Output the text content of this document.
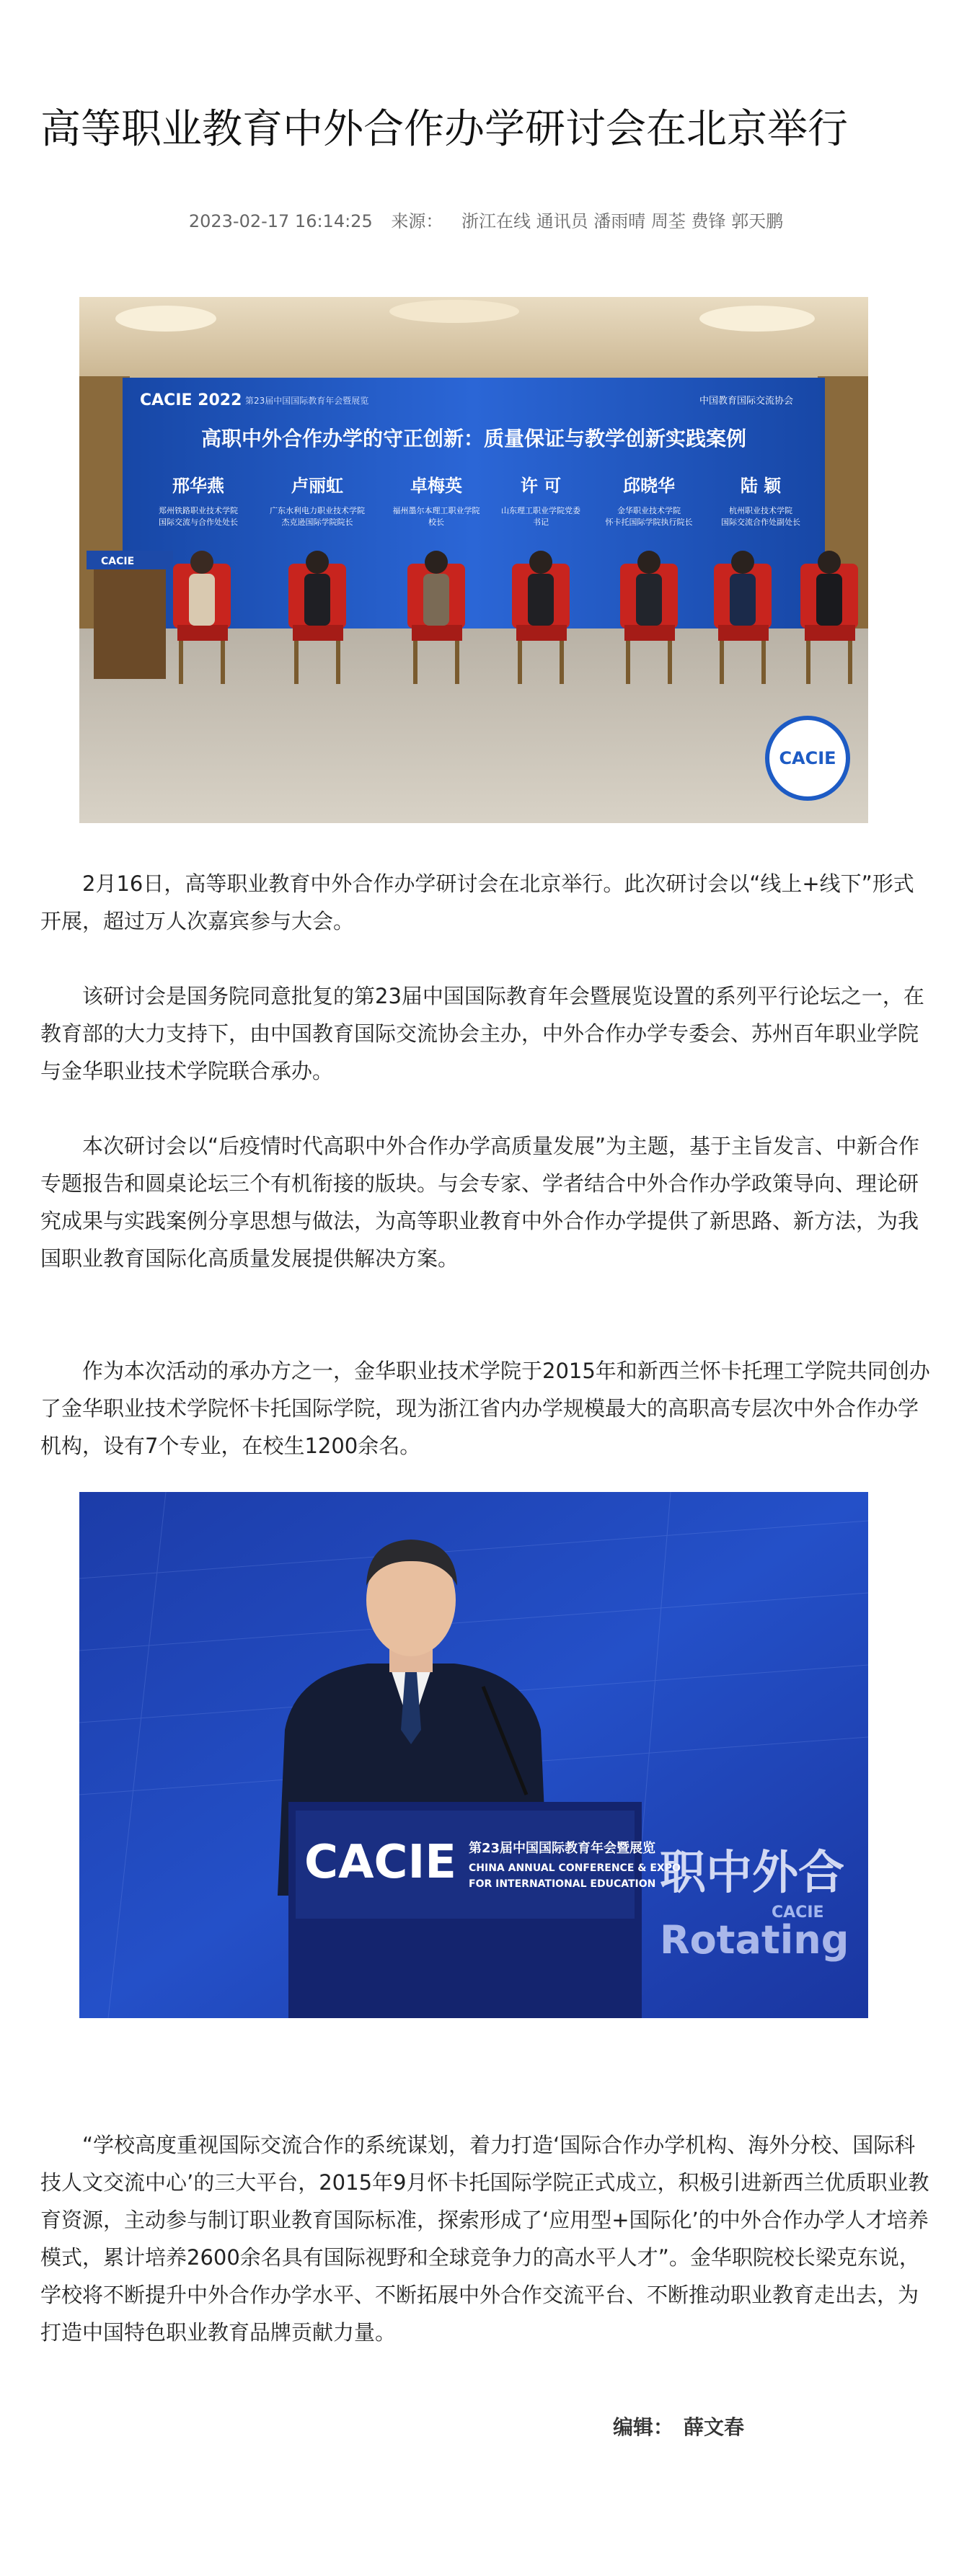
高等职业教育中外合作办学研讨会在北京举行
2023-02-17 16:14:25 来源： 浙江在线 通讯员 潘雨晴 周荃 费锋 郭天鹏
CACIE 2022 第23届中国国际教育年会暨展览	中国教育国际交流协会
高职中外合作办学的守正创新：质量保证与教学创新实践案例
邢华燕
郑州铁路职业技术学院
国际交流与合作处处长
卢丽虹
广东水利电力职业技术学院
杰克逊国际学院院长
卓梅英
福州墨尔本理工职业学院
校长
许 可
山东理工职业学院党委
书记
邱晓华
金华职业技术学院
怀卡托国际学院执行院长
陆 颖
杭州职业技术学院
国际交流合作处副处长
CACIE
CACIE

2月16日，高等职业教育中外合作办学研讨会在北京举行。此次研讨会以“线上+线下”形式开展，超过万人次嘉宾参与大会。

该研讨会是国务院同意批复的第23届中国国际教育年会暨展览设置的系列平行论坛之一，在教育部的大力支持下，由中国教育国际交流协会主办，中外合作办学专委会、苏州百年职业学院与金华职业技术学院联合承办。

本次研讨会以“后疫情时代高职中外合作办学高质量发展”为主题，基于主旨发言、中新合作专题报告和圆桌论坛三个有机衔接的版块。与会专家、学者结合中外合作办学政策导向、理论研究成果与实践案例分享思想与做法，为高等职业教育中外合作办学提供了新思路、新方法，为我国职业教育国际化高质量发展提供解决方案。

作为本次活动的承办方之一，金华职业技术学院于2015年和新西兰怀卡托理工学院共同创办了金华职业技术学院怀卡托国际学院，现为浙江省内办学规模最大的高职高专层次中外合作办学机构，设有7个专业，在校生1200余名。

CACIE 第23届中国国际教育年会暨展览
CHINA ANNUAL CONFERENCE & EXPO
FOR INTERNATIONAL EDUCATION 职中外合
Rotating
CACIE

“学校高度重视国际交流合作的系统谋划，着力打造‘国际合作办学机构、海外分校、国际科技人文交流中心’的三大平台，2015年9月怀卡托国际学院正式成立，积极引进新西兰优质职业教育资源，主动参与制订职业教育国际标准，探索形成了‘应用型+国际化’的中外合作办学人才培养模式，累计培养2600余名具有国际视野和全球竞争力的高水平人才”。金华职院校长梁克东说，学校将不断提升中外合作办学水平、不断拓展中外合作交流平台、不断推动职业教育走出去，为打造中国特色职业教育品牌贡献力量。

编辑： 薛文春
